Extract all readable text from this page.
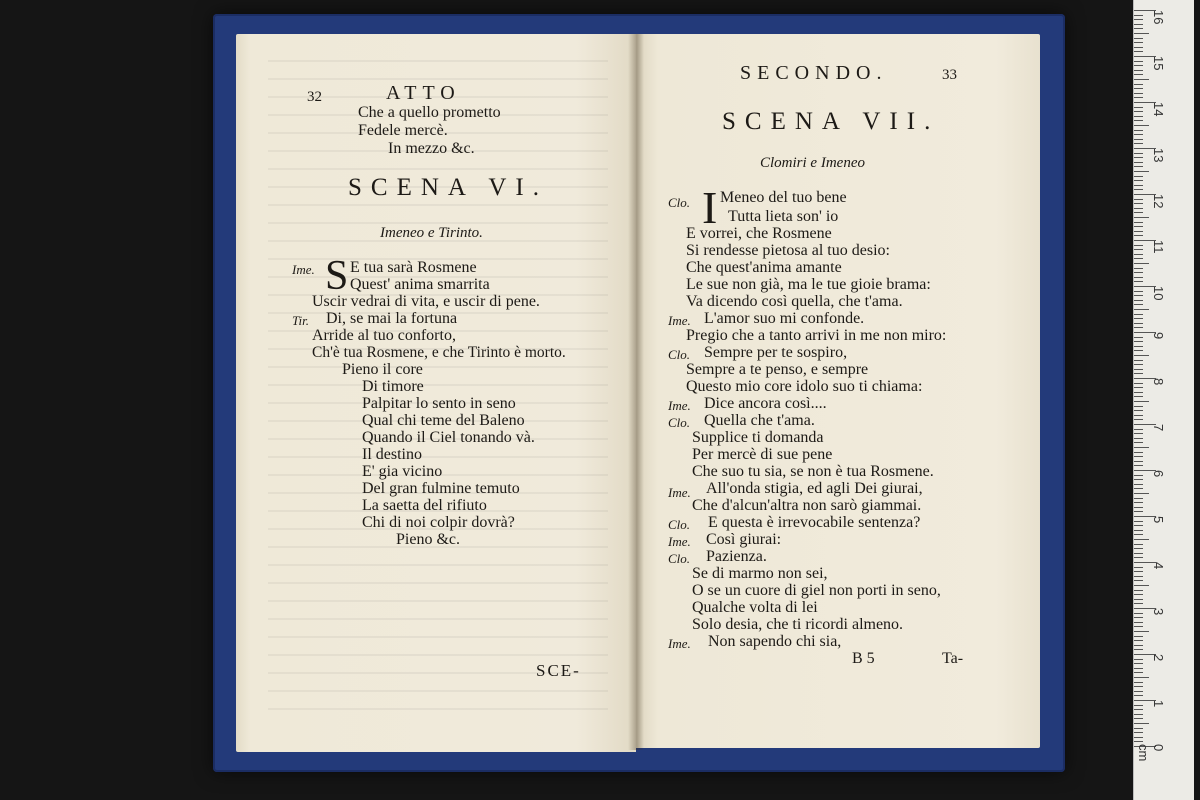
32	ATTO
Che a quello prometto
Fedele mercè.
In mezzo &c.
SCENA VI.
Imeneo e Tirinto.
Ime. S E tua sarà Rosmene
Quest' anima smarrita
Uscir vedrai di vita, e uscir di pene.
Tir. Di, se mai la fortuna
Arride al tuo conforto,
Ch'è tua Rosmene, e che Tirinto è morto.
Pieno il core
Di timore
Palpitar lo sento in seno
Qual chi teme del Baleno
Quando il Ciel tonando và.
Il destino
E' gia vicino
Del gran fulmine temuto
La saetta del rifiuto
Chi di noi colpir dovrà?
Pieno &c.
SCE-
SECONDO.	33
SCENA VII.
Clomiri e Imeneo
Clo. I Meneo del tuo bene
Tutta lieta son' io
E vorrei, che Rosmene
Si rendesse pietosa al tuo desio:
Che quest'anima amante
Le sue non già, ma le tue gioie brama:
Va dicendo così quella, che t'ama.
Ime. L'amor suo mi confonde.
Pregio che a tanto arrivi in me non miro:
Clo. Sempre per te sospiro,
Sempre a te penso, e sempre
Questo mio core idolo suo ti chiama:
Ime. Dice ancora così....
Clo. Quella che t'ama.
Supplice ti domanda
Per mercè di sue pene
Che suo tu sia, se non è tua Rosmene.
Ime. All'onda stigia, ed agli Dei giurai,
Che d'alcun'altra non sarò giammai.
Clo. E questa è irrevocabile sentenza?
Ime. Così giurai:
Clo. Pazienza.
Se di marmo non sei,
O se un cuore di giel non porti in seno,
Qualche volta di lei
Solo desia, che ti ricordi almeno.
Ime. Non sapendo chi sia,
B 5	Ta-
0 cm
1
2
3
4
5
6
7
8
9
10
11
12
13
14
15
16
